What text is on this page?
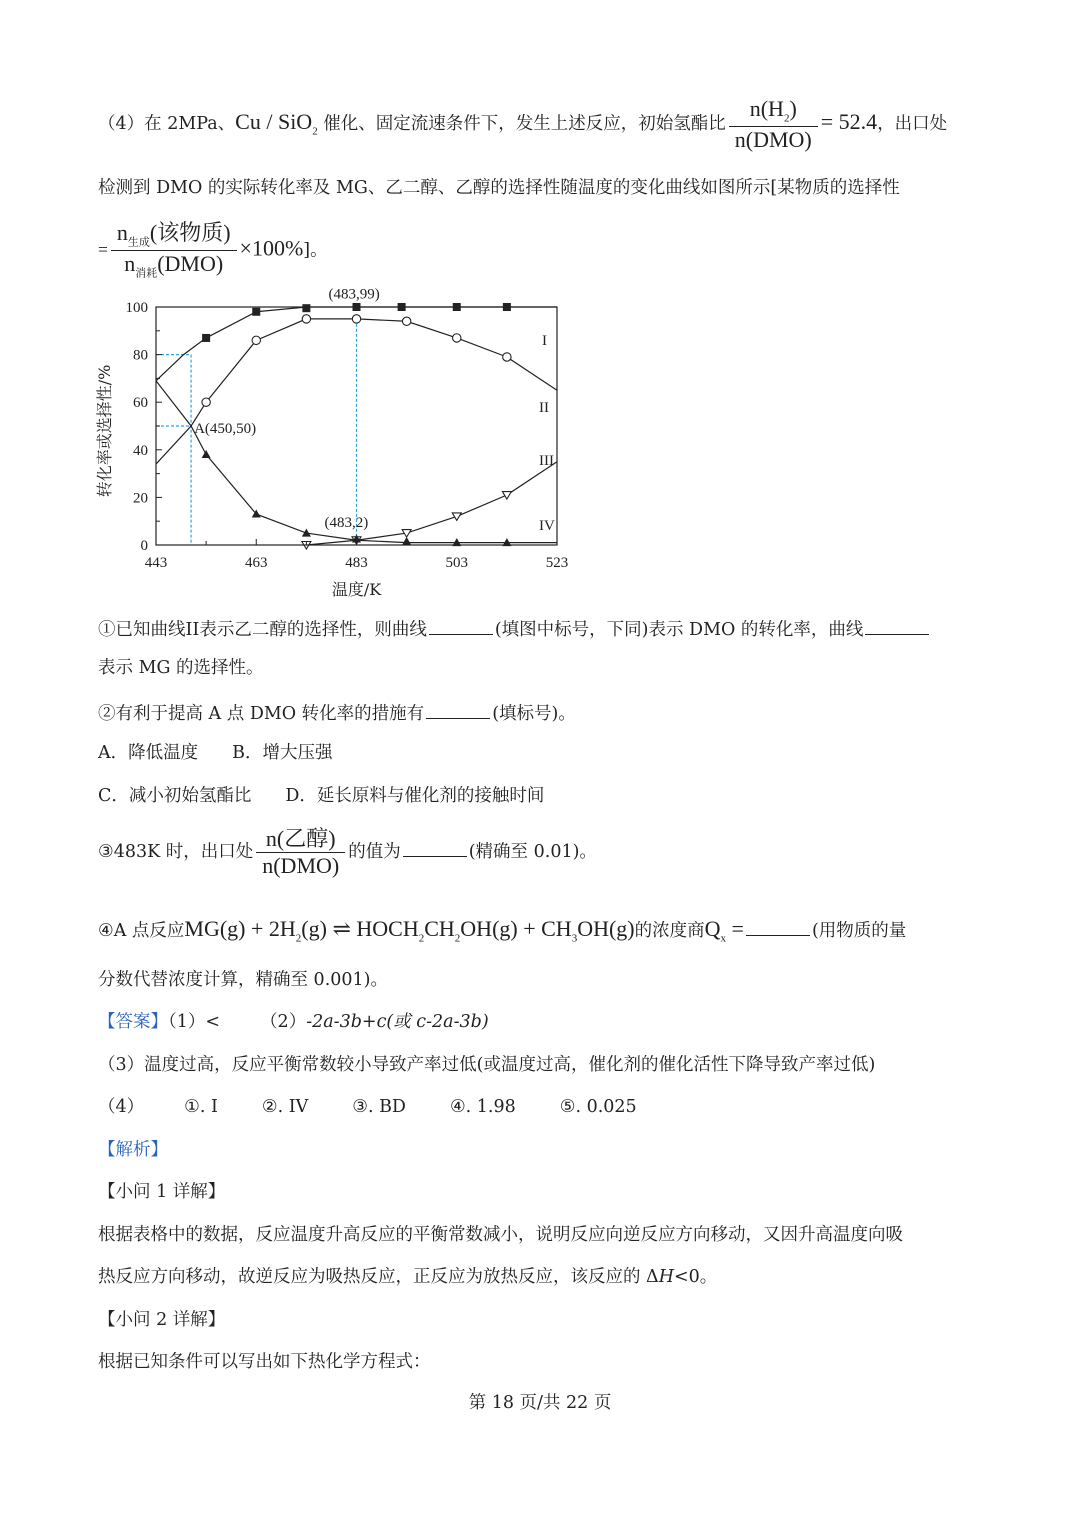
（4）在 2MPa、Cu / SiO$_2$ 催化、固定流速条件下，发生上述反应，初始氢酯比 $\frac{n(H_2)}{\text{n(DMO)}} = 52.4$，出口处
检测到 DMO 的实际转化率及 MG、乙二醇、乙醇的选择性随温度的变化曲线如图所示[某物质的选择性
= $\frac{n_{生成}(该物质)}{n_{消耗}(DMO)} \times 100\%$]。
443	463	483	503	523
0
20
40
60
80
100
温度/K
转化率或选择性/%
I
II
III
IV
(483,99)
A(450,50)
(483,2)
①已知曲线II表示乙二醇的选择性，则曲线	(填图中标号，下同)表示 DMO 的转化率，曲线
表示 MG 的选择性。
②有利于提高 A 点 DMO 转化率的措施有	(填标号)。
A．降低温度 B．增大压强
C．减小初始氢酯比 D．延长原料与催化剂的接触时间
③483K 时，出口处 $\frac{\text{n(乙醇)}}{\text{n(DMO)}}$ 的值为	(精确至 0.01)。
④A 点反应$MG(g) + 2H_2(g)$ ⇌ $HOCH_2CH_2OH(g) + CH_3OH(g)$的浓度商$Q_x$ =	(用物质的量
分数代替浓度计算，精确至 0.001)。
【答案】（1）< （2）-2a-3b+c(或 c-2a-3b)
（3）温度过高，反应平衡常数较小导致产率过低(或温度过高，催化剂的催化活性下降导致产率过低)
（4） ①. I	②. IV	③. BD	④. 1.98	⑤. 0.025
【解析】
【小问 1 详解】
根据表格中的数据，反应温度升高反应的平衡常数减小，说明反应向逆反应方向移动，又因升高温度向吸
热反应方向移动，故逆反应为吸热反应，正反应为放热反应，该反应的 ΔH<0。
【小问 2 详解】
根据已知条件可以写出如下热化学方程式：
第 18 页/共 22 页
